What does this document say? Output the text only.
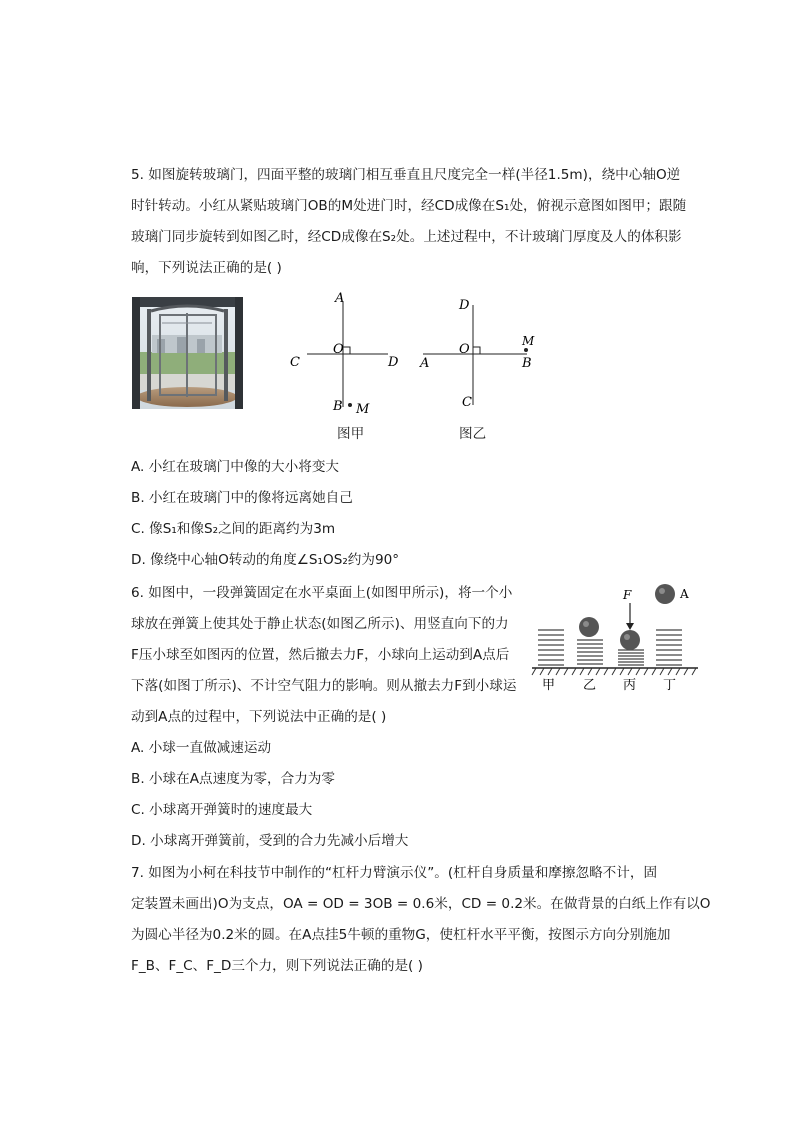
5. 如图旋转玻璃门，四面平整的玻璃门相互垂直且尺度完全一样(半径1.5m)，绕中心轴O逆
时针转动。小红从紧贴玻璃门OB的M处进门时，经CD成像在S₁处，俯视示意图如图甲；跟随
玻璃门同步旋转到如图乙时，经CD成像在S₂处。上述过程中，不计玻璃门厚度及人的体积影
响，下列说法正确的是( )
A
O
C	D
B M
图甲
D
O
A	B
C
M
图乙
A. 小红在玻璃门中像的大小将变大
B. 小红在玻璃门中的像将远离她自己
C. 像S₁和像S₂之间的距离约为3m
D. 像绕中心轴O转动的角度∠S₁OS₂约为90°
6. 如图中，一段弹簧固定在水平桌面上(如图甲所示)，将一个小
球放在弹簧上使其处于静止状态(如图乙所示)、用竖直向下的力
F压小球至如图丙的位置，然后撤去力F，小球向上运动到A点后
下落(如图丁所示)、不计空气阻力的影响。则从撤去力F到小球运
动到A点的过程中，下列说法中正确的是( )
F	A
甲 乙 丙 丁
A. 小球一直做减速运动
B. 小球在A点速度为零，合力为零
C. 小球离开弹簧时的速度最大
D. 小球离开弹簧前，受到的合力先减小后增大
7. 如图为小柯在科技节中制作的“杠杆力臂演示仪”。(杠杆自身质量和摩擦忽略不计，固
定装置未画出)O为支点，OA = OD = 3OB = 0.6米，CD = 0.2米。在做背景的白纸上作有以O
为圆心半径为0.2米的圆。在A点挂5牛顿的重物G，使杠杆水平平衡，按图示方向分别施加
F_B、F_C、F_D三个力，则下列说法正确的是( )
